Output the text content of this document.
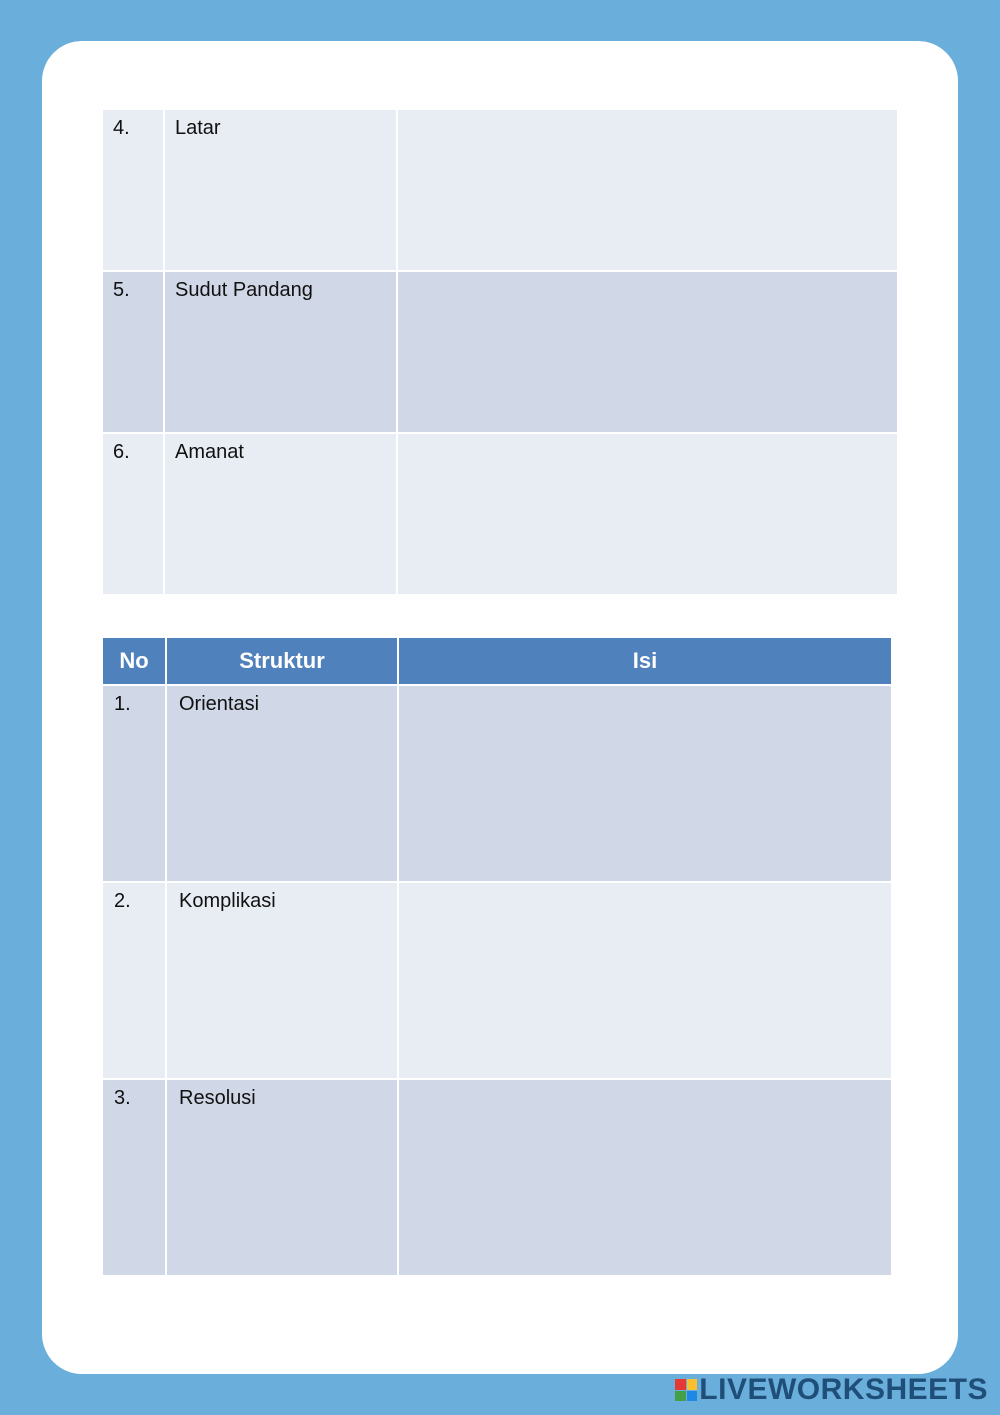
4.	Latar	

5.	Sudut Pandang	

6.	Amanat	

No	Struktur	Isi

1.	Orientasi	

2.	Komplikasi	

3.	Resolusi	

LIVEWORKSHEETS
